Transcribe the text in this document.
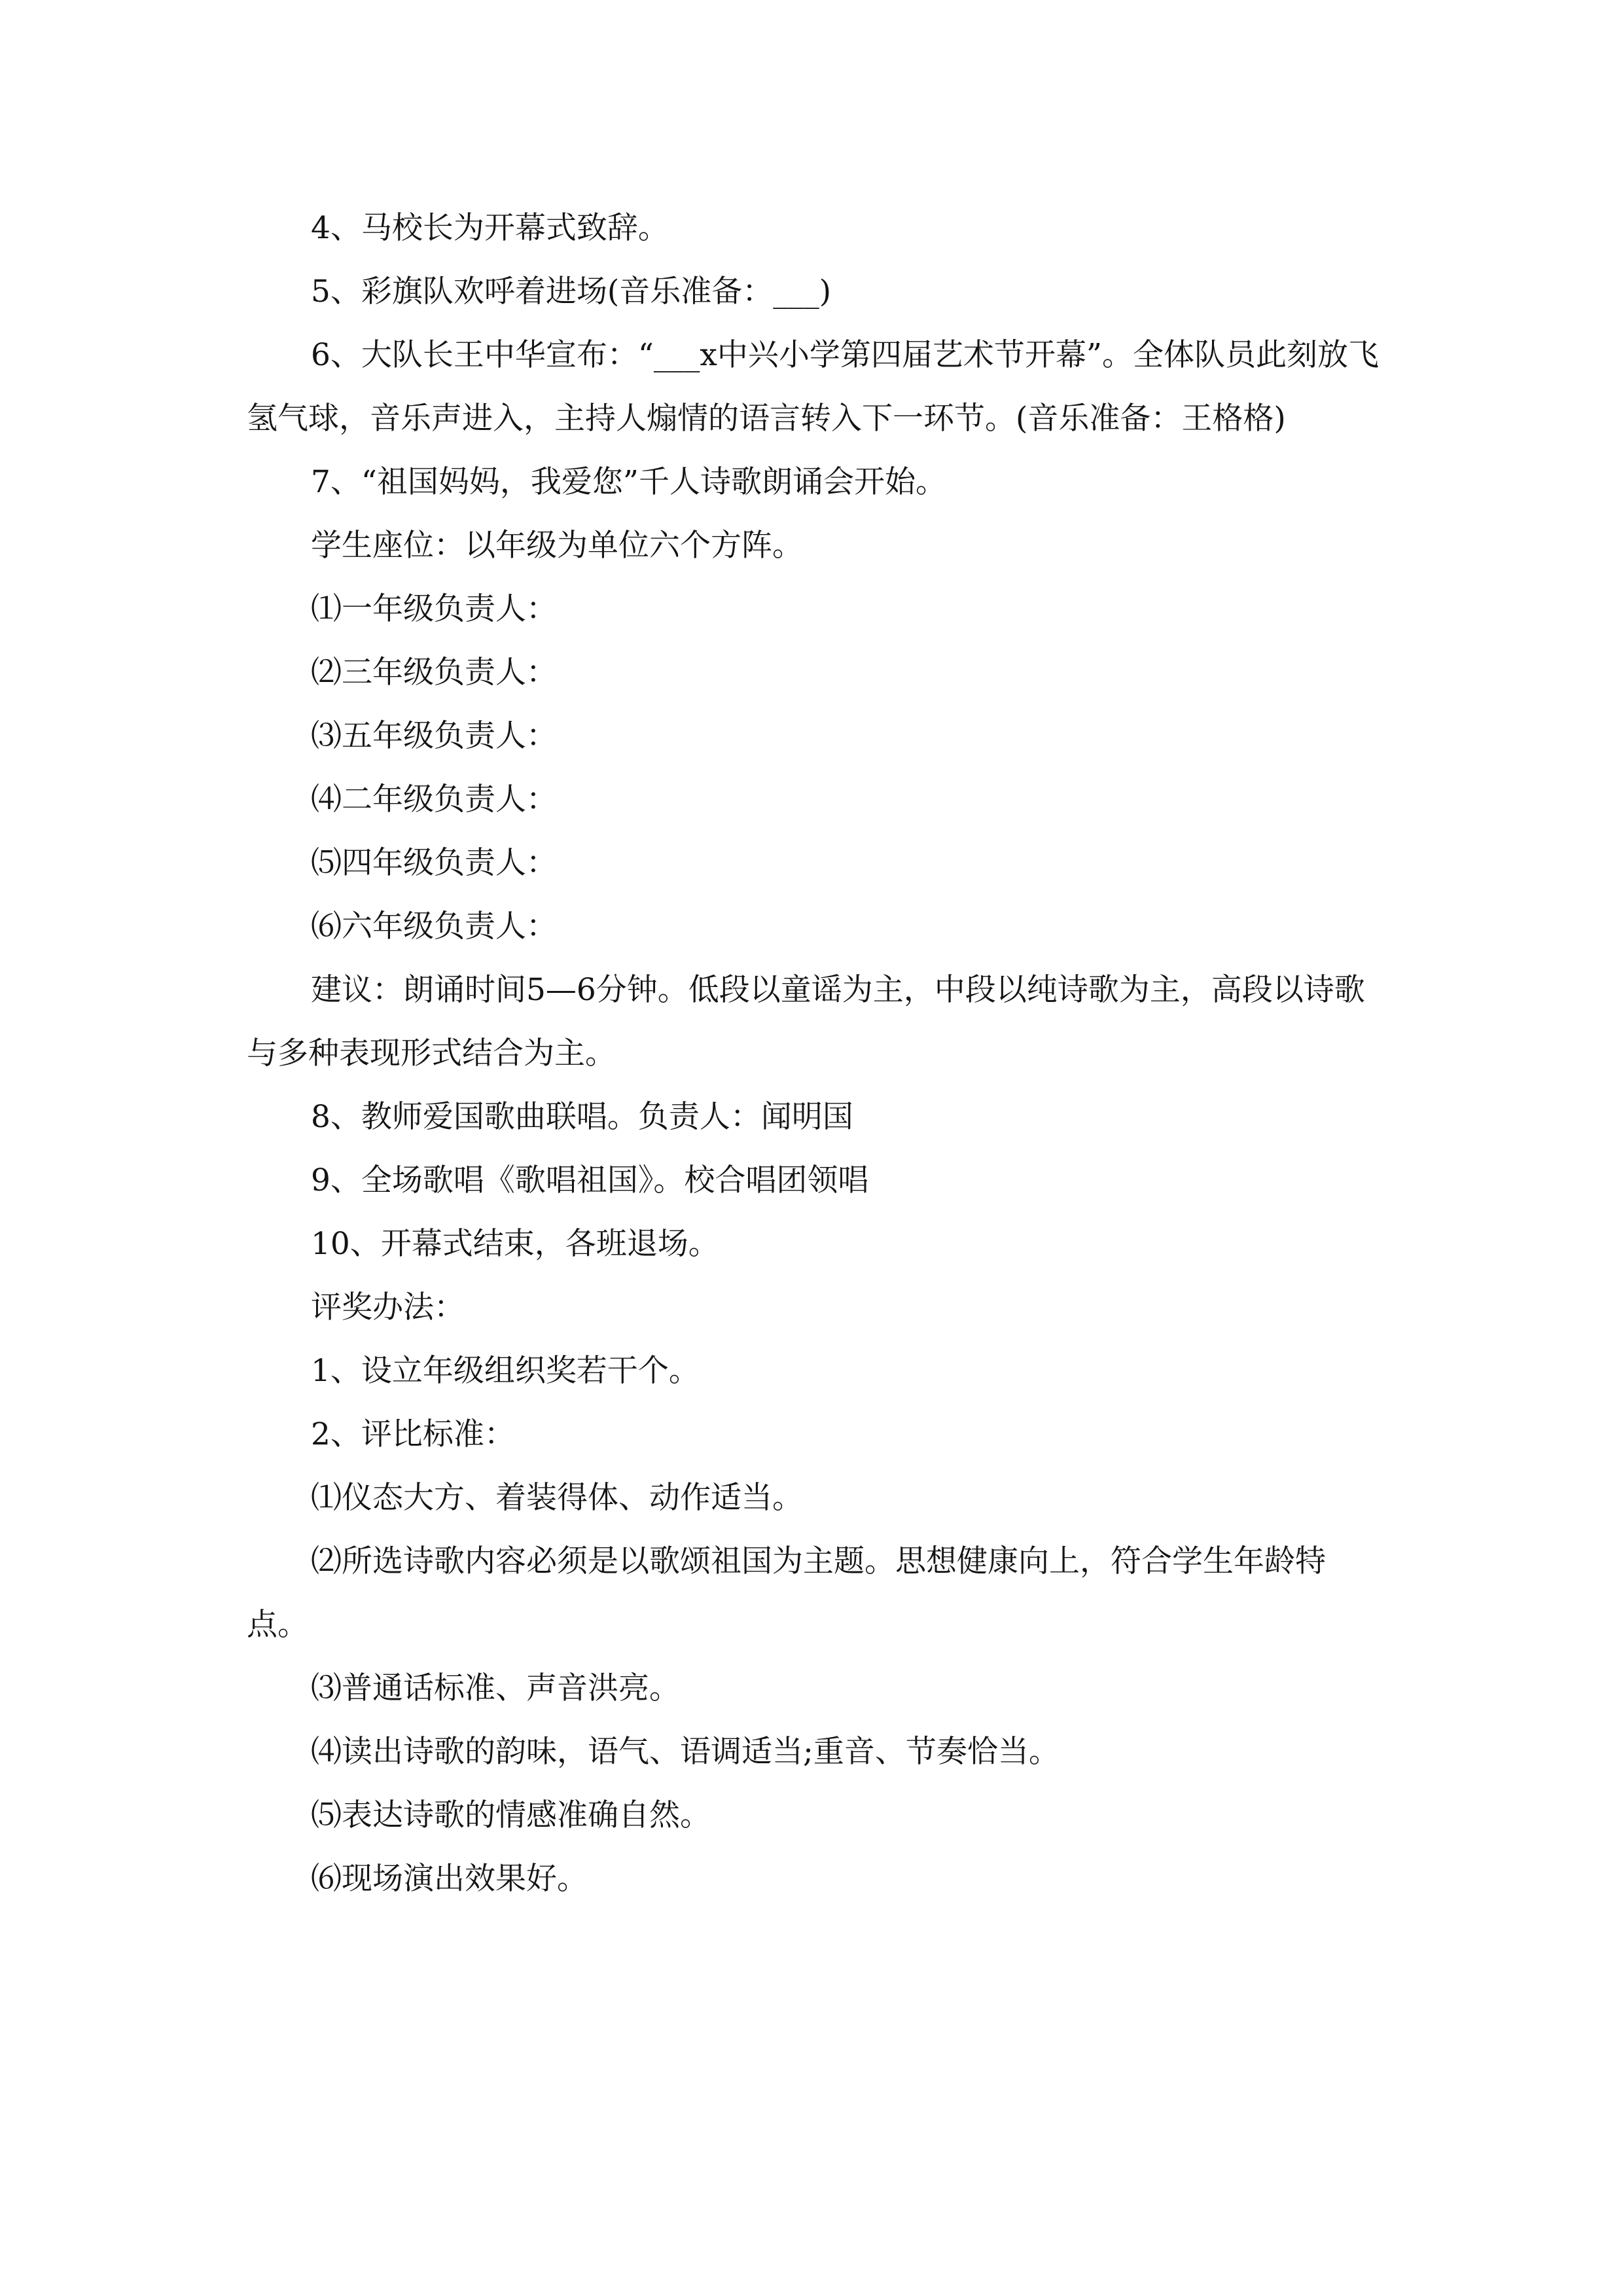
4、马校长为开幕式致辞。

5、彩旗队欢呼着进场(音乐准备：___)

6、大队长王中华宣布：“___x中兴小学第四届艺术节开幕”。全体队员此刻放飞氢气球，音乐声进入，主持人煽情的语言转入下一环节。(音乐准备：王格格)

7、“祖国妈妈，我爱您”千人诗歌朗诵会开始。

学生座位：以年级为单位六个方阵。

⑴一年级负责人：

⑵三年级负责人：

⑶五年级负责人：

⑷二年级负责人：

⑸四年级负责人：

⑹六年级负责人：

建议：朗诵时间5—6分钟。低段以童谣为主，中段以纯诗歌为主，高段以诗歌与多种表现形式结合为主。

8、教师爱国歌曲联唱。负责人：闻明国

9、全场歌唱《歌唱祖国》。校合唱团领唱

10、开幕式结束，各班退场。

评奖办法：

1、设立年级组织奖若干个。

2、评比标准：

⑴仪态大方、着装得体、动作适当。

⑵所选诗歌内容必须是以歌颂祖国为主题。思想健康向上，符合学生年龄特点。

⑶普通话标准、声音洪亮。

⑷读出诗歌的韵味，语气、语调适当;重音、节奏恰当。

⑸表达诗歌的情感准确自然。

⑹现场演出效果好。
